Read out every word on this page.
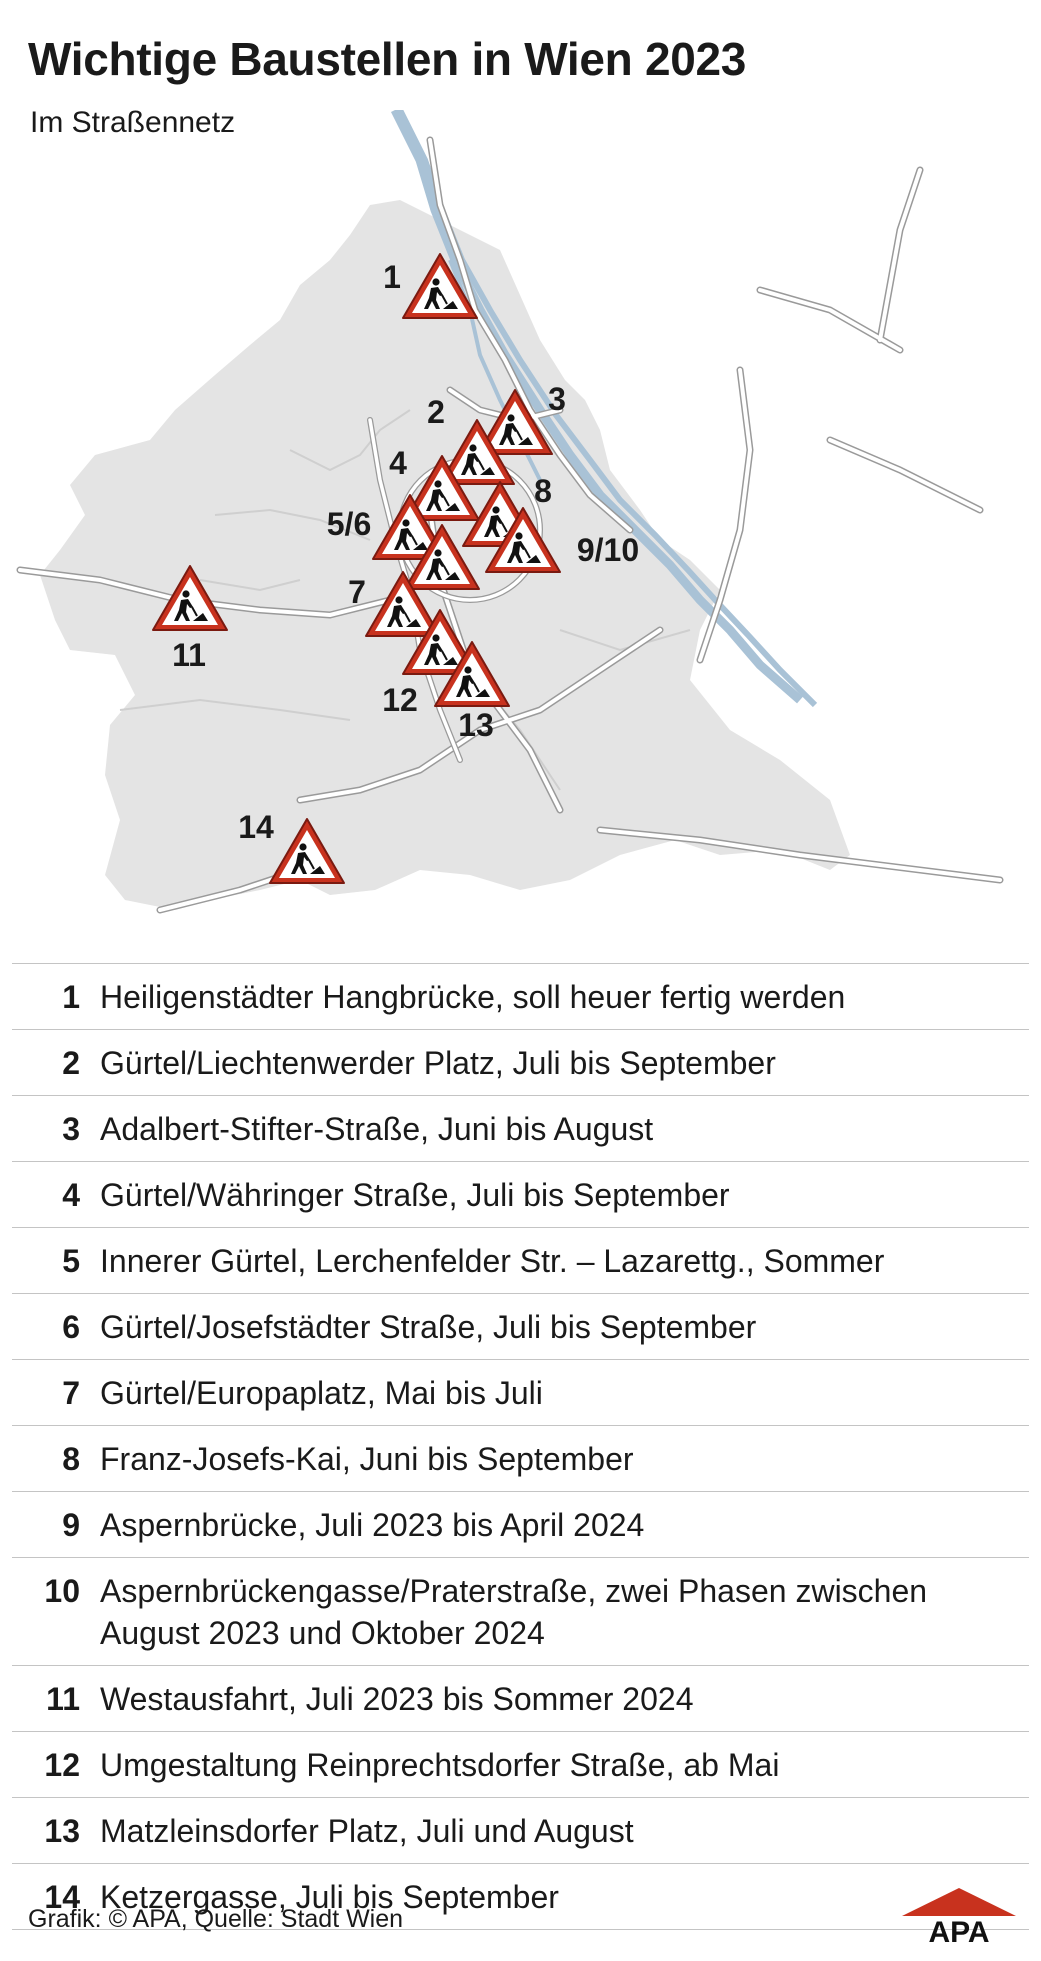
Wichtige Baustellen in Wien 2023
Im Straßennetz
1
2	3
4
5/6
7
8
9/10
11
12
13
14
1 Heiligenstädter Hangbrücke, soll heuer fertig werden
2 Gürtel/Liechtenwerder Platz, Juli bis September
3 Adalbert-Stifter-Straße, Juni bis August
4 Gürtel/Währinger Straße, Juli bis September
5 Innerer Gürtel, Lerchenfelder Str. – Lazarettg., Sommer
6 Gürtel/Josefstädter Straße, Juli bis September
7 Gürtel/Europaplatz, Mai bis Juli
8 Franz-Josefs-Kai, Juni bis September
9 Aspernbrücke, Juli 2023 bis April 2024
10 Aspernbrückengasse/Praterstraße, zwei Phasen zwischen August 2023 und Oktober 2024
11 Westausfahrt, Juli 2023 bis Sommer 2024
12 Umgestaltung Reinprechtsdorfer Straße, ab Mai
13 Matzleinsdorfer Platz, Juli und August
14 Ketzergasse, Juli bis September
Grafik: © APA, Quelle: Stadt Wien	APA
